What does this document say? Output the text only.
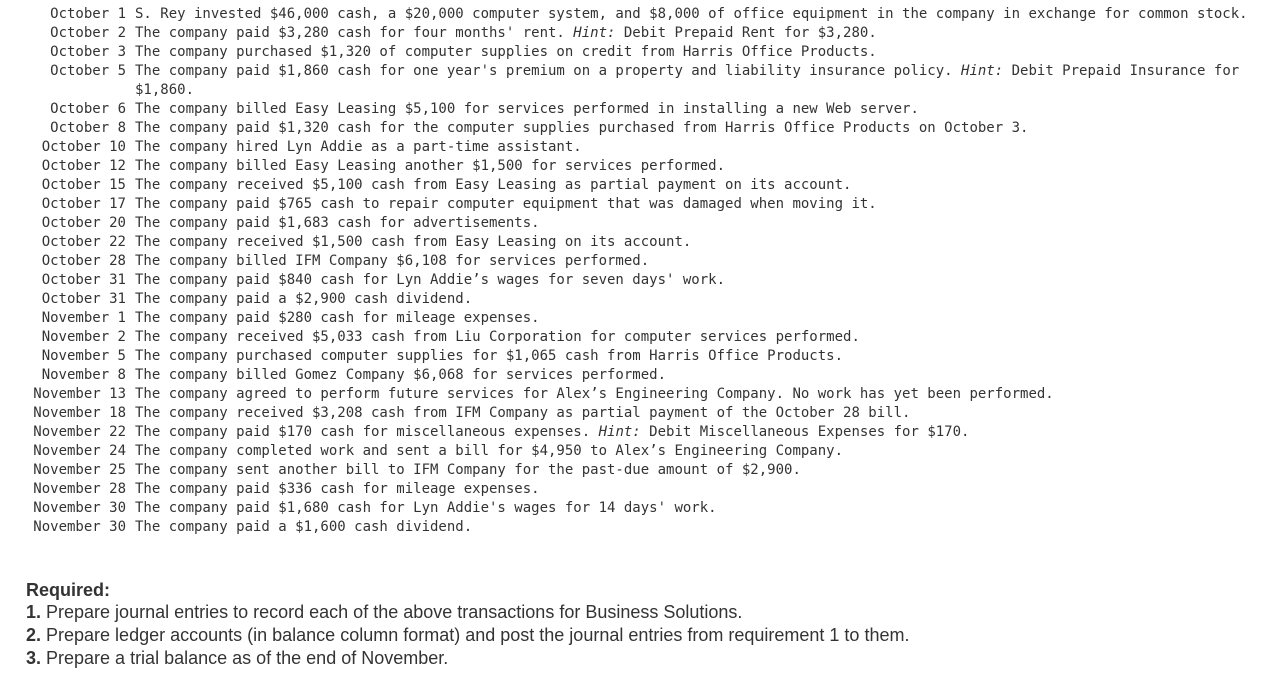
October 1	S. Rey invested $46,000 cash, a $20,000 computer system, and $8,000 of office equipment in the company in exchange for common stock.
October 2	The company paid $3,280 cash for four months' rent. Hint: Debit Prepaid Rent for $3,280.
October 3	The company purchased $1,320 of computer supplies on credit from Harris Office Products.
October 5	The company paid $1,860 cash for one year's premium on a property and liability insurance policy. Hint: Debit Prepaid Insurance for $1,860.
October 6	The company billed Easy Leasing $5,100 for services performed in installing a new Web server.
October 8	The company paid $1,320 cash for the computer supplies purchased from Harris Office Products on October 3.
October 10	The company hired Lyn Addie as a part-time assistant.
October 12	The company billed Easy Leasing another $1,500 for services performed.
October 15	The company received $5,100 cash from Easy Leasing as partial payment on its account.
October 17	The company paid $765 cash to repair computer equipment that was damaged when moving it.
October 20	The company paid $1,683 cash for advertisements.
October 22	The company received $1,500 cash from Easy Leasing on its account.
October 28	The company billed IFM Company $6,108 for services performed.
October 31	The company paid $840 cash for Lyn Addie’s wages for seven days' work.
October 31	The company paid a $2,900 cash dividend.
November 1	The company paid $280 cash for mileage expenses.
November 2	The company received $5,033 cash from Liu Corporation for computer services performed.
November 5	The company purchased computer supplies for $1,065 cash from Harris Office Products.
November 8	The company billed Gomez Company $6,068 for services performed.
November 13	The company agreed to perform future services for Alex’s Engineering Company. No work has yet been performed.
November 18	The company received $3,208 cash from IFM Company as partial payment of the October 28 bill.
November 22	The company paid $170 cash for miscellaneous expenses. Hint: Debit Miscellaneous Expenses for $170.
November 24	The company completed work and sent a bill for $4,950 to Alex’s Engineering Company.
November 25	The company sent another bill to IFM Company for the past-due amount of $2,900.
November 28	The company paid $336 cash for mileage expenses.
November 30	The company paid $1,680 cash for Lyn Addie's wages for 14 days' work.
November 30	The company paid a $1,600 cash dividend.
Required:
1. Prepare journal entries to record each of the above transactions for Business Solutions.
2. Prepare ledger accounts (in balance column format) and post the journal entries from requirement 1 to them.
3. Prepare a trial balance as of the end of November.
